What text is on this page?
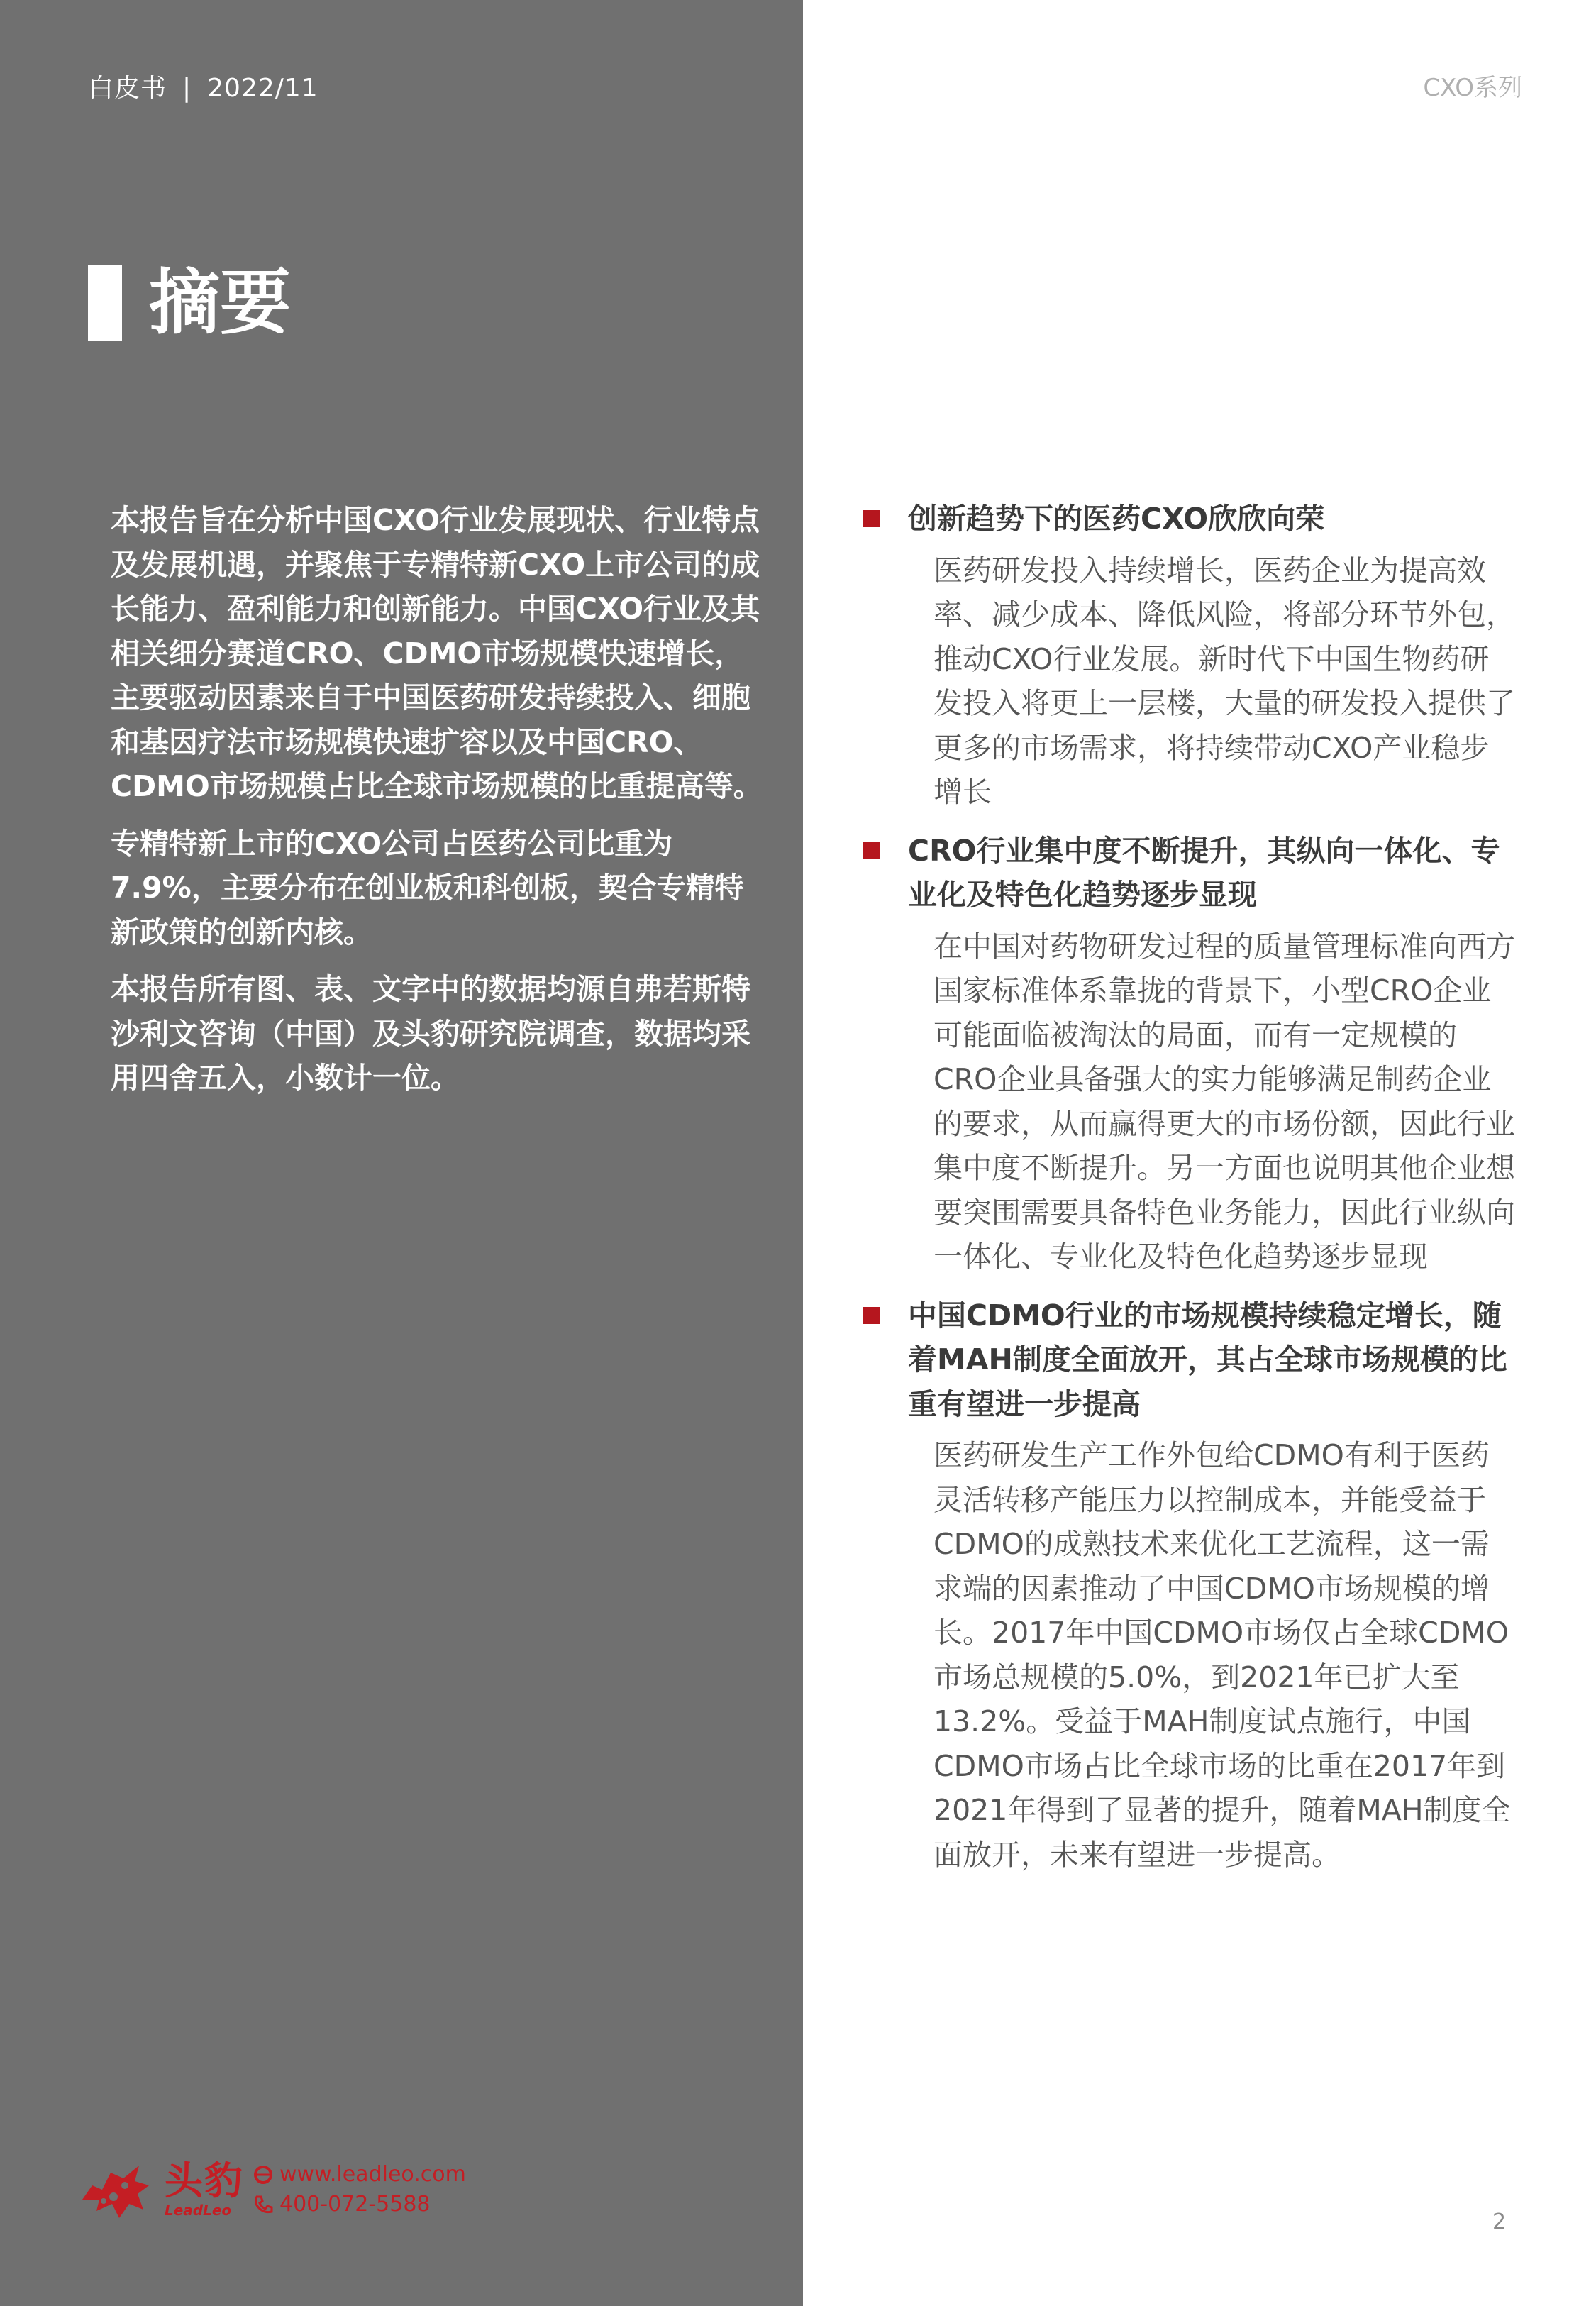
白皮书 | 2022/11	CXO系列
摘要

本报告旨在分析中国CXO行业发展现状、行业特点及发展机遇，并聚焦于专精特新CXO上市公司的成长能力、盈利能力和创新能力。中国CXO行业及其相关细分赛道CRO、CDMO市场规模快速增长，主要驱动因素来自于中国医药研发持续投入、细胞和基因疗法市场规模快速扩容以及中国CRO、CDMO市场规模占比全球市场规模的比重提高等。

专精特新上市的CXO公司占医药公司比重为7.9%，主要分布在创业板和科创板，契合专精特新政策的创新内核。

本报告所有图、表、文字中的数据均源自弗若斯特沙利文咨询（中国）及头豹研究院调查，数据均采用四舍五入，小数计一位。

创新趋势下的医药CXO欣欣向荣
医药研发投入持续增长，医药企业为提高效率、减少成本、降低风险，将部分环节外包，推动CXO行业发展。新时代下中国生物药研发投入将更上一层楼，大量的研发投入提供了更多的市场需求，将持续带动CXO产业稳步增长
CRO行业集中度不断提升，其纵向一体化、专业化及特色化趋势逐步显现
在中国对药物研发过程的质量管理标准向西方国家标准体系靠拢的背景下，小型CRO企业可能面临被淘汰的局面，而有一定规模的CRO企业具备强大的实力能够满足制药企业的要求，从而赢得更大的市场份额，因此行业集中度不断提升。另一方面也说明其他企业想要突围需要具备特色业务能力，因此行业纵向一体化、专业化及特色化趋势逐步显现
中国CDMO行业的市场规模持续稳定增长，随着MAH制度全面放开，其占全球市场规模的比重有望进一步提高
医药研发生产工作外包给CDMO有利于医药灵活转移产能压力以控制成本，并能受益于CDMO的成熟技术来优化工艺流程，这一需求端的因素推动了中国CDMO市场规模的增长。2017年中国CDMO市场仅占全球CDMO市场总规模的5.0%，到2021年已扩大至13.2%。受益于MAH制度试点施行，中国CDMO市场占比全球市场的比重在2017年到2021年得到了显著的提升，随着MAH制度全面放开，未来有望进一步提高。
头豹
LeadLeo
www.leadleo.com
400-072-5588
2
